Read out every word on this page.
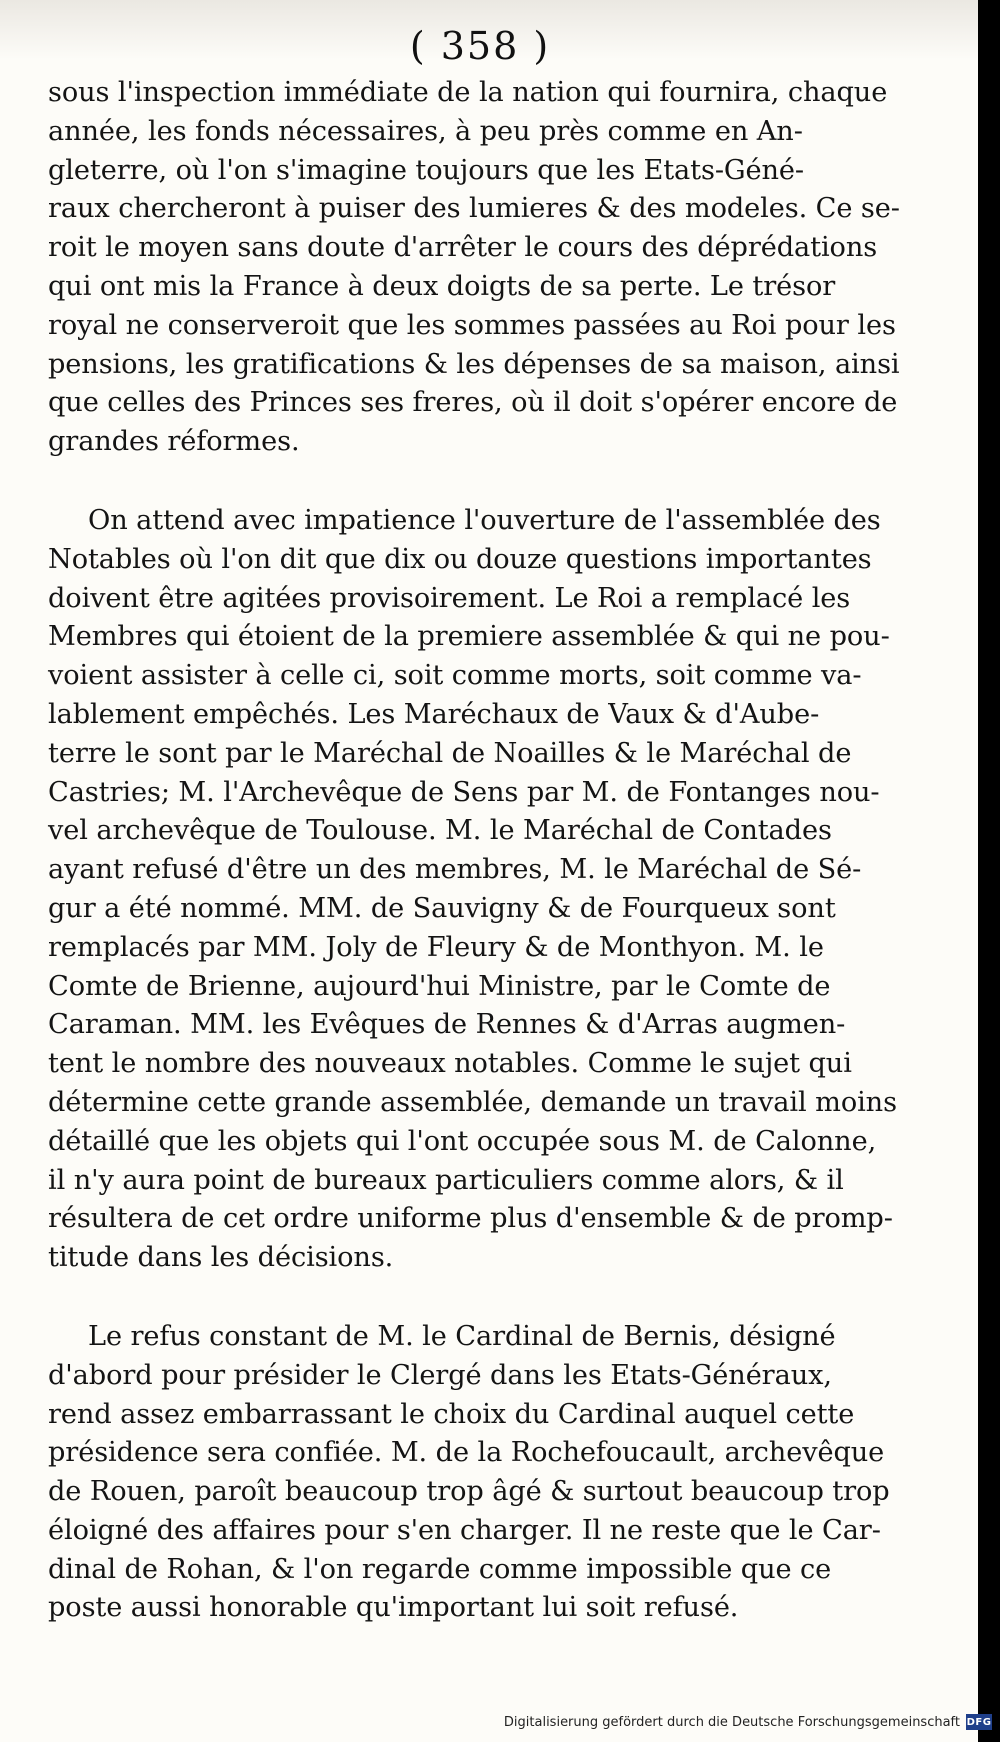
( 358 )

sous l'inspection immédiate de la nation qui fournira, chaque
année, les fonds nécessaires, à peu près comme en An-
gleterre, où l'on s'imagine toujours que les Etats-Géné-
raux chercheront à puiser des lumieres & des modeles. Ce se-
roit le moyen sans doute d'arrêter le cours des déprédations
qui ont mis la France à deux doigts de sa perte. Le trésor
royal ne conserveroit que les sommes passées au Roi pour les
pensions, les gratifications & les dépenses de sa maison, ainsi
que celles des Princes ses freres, où il doit s'opérer encore de
grandes réformes.

On attend avec impatience l'ouverture de l'assemblée des
Notables où l'on dit que dix ou douze questions importantes
doivent être agitées provisoirement. Le Roi a remplacé les
Membres qui étoient de la premiere assemblée & qui ne pou-
voient assister à celle ci, soit comme morts, soit comme va-
lablement empêchés. Les Maréchaux de Vaux & d'Aube-
terre le sont par le Maréchal de Noailles & le Maréchal de
Castries; M. l'Archevêque de Sens par M. de Fontanges nou-
vel archevêque de Toulouse. M. le Maréchal de Contades
ayant refusé d'être un des membres, M. le Maréchal de Sé-
gur a été nommé. MM. de Sauvigny & de Fourqueux sont
remplacés par MM. Joly de Fleury & de Monthyon. M. le
Comte de Brienne, aujourd'hui Ministre, par le Comte de
Caraman. MM. les Evêques de Rennes & d'Arras augmen-
tent le nombre des nouveaux notables. Comme le sujet qui
détermine cette grande assemblée, demande un travail moins
détaillé que les objets qui l'ont occupée sous M. de Calonne,
il n'y aura point de bureaux particuliers comme alors, & il
résultera de cet ordre uniforme plus d'ensemble & de promp-
titude dans les décisions.

Le refus constant de M. le Cardinal de Bernis, désigné
d'abord pour présider le Clergé dans les Etats-Généraux,
rend assez embarrassant le choix du Cardinal auquel cette
présidence sera confiée. M. de la Rochefoucault, archevêque
de Rouen, paroît beaucoup trop âgé & surtout beaucoup trop
éloigné des affaires pour s'en charger. Il ne reste que le Car-
dinal de Rohan, & l'on regarde comme impossible que ce
poste aussi honorable qu'important lui soit refusé.

Digitalisierung gefördert durch die Deutsche Forschungsgemeinschaft DFG
